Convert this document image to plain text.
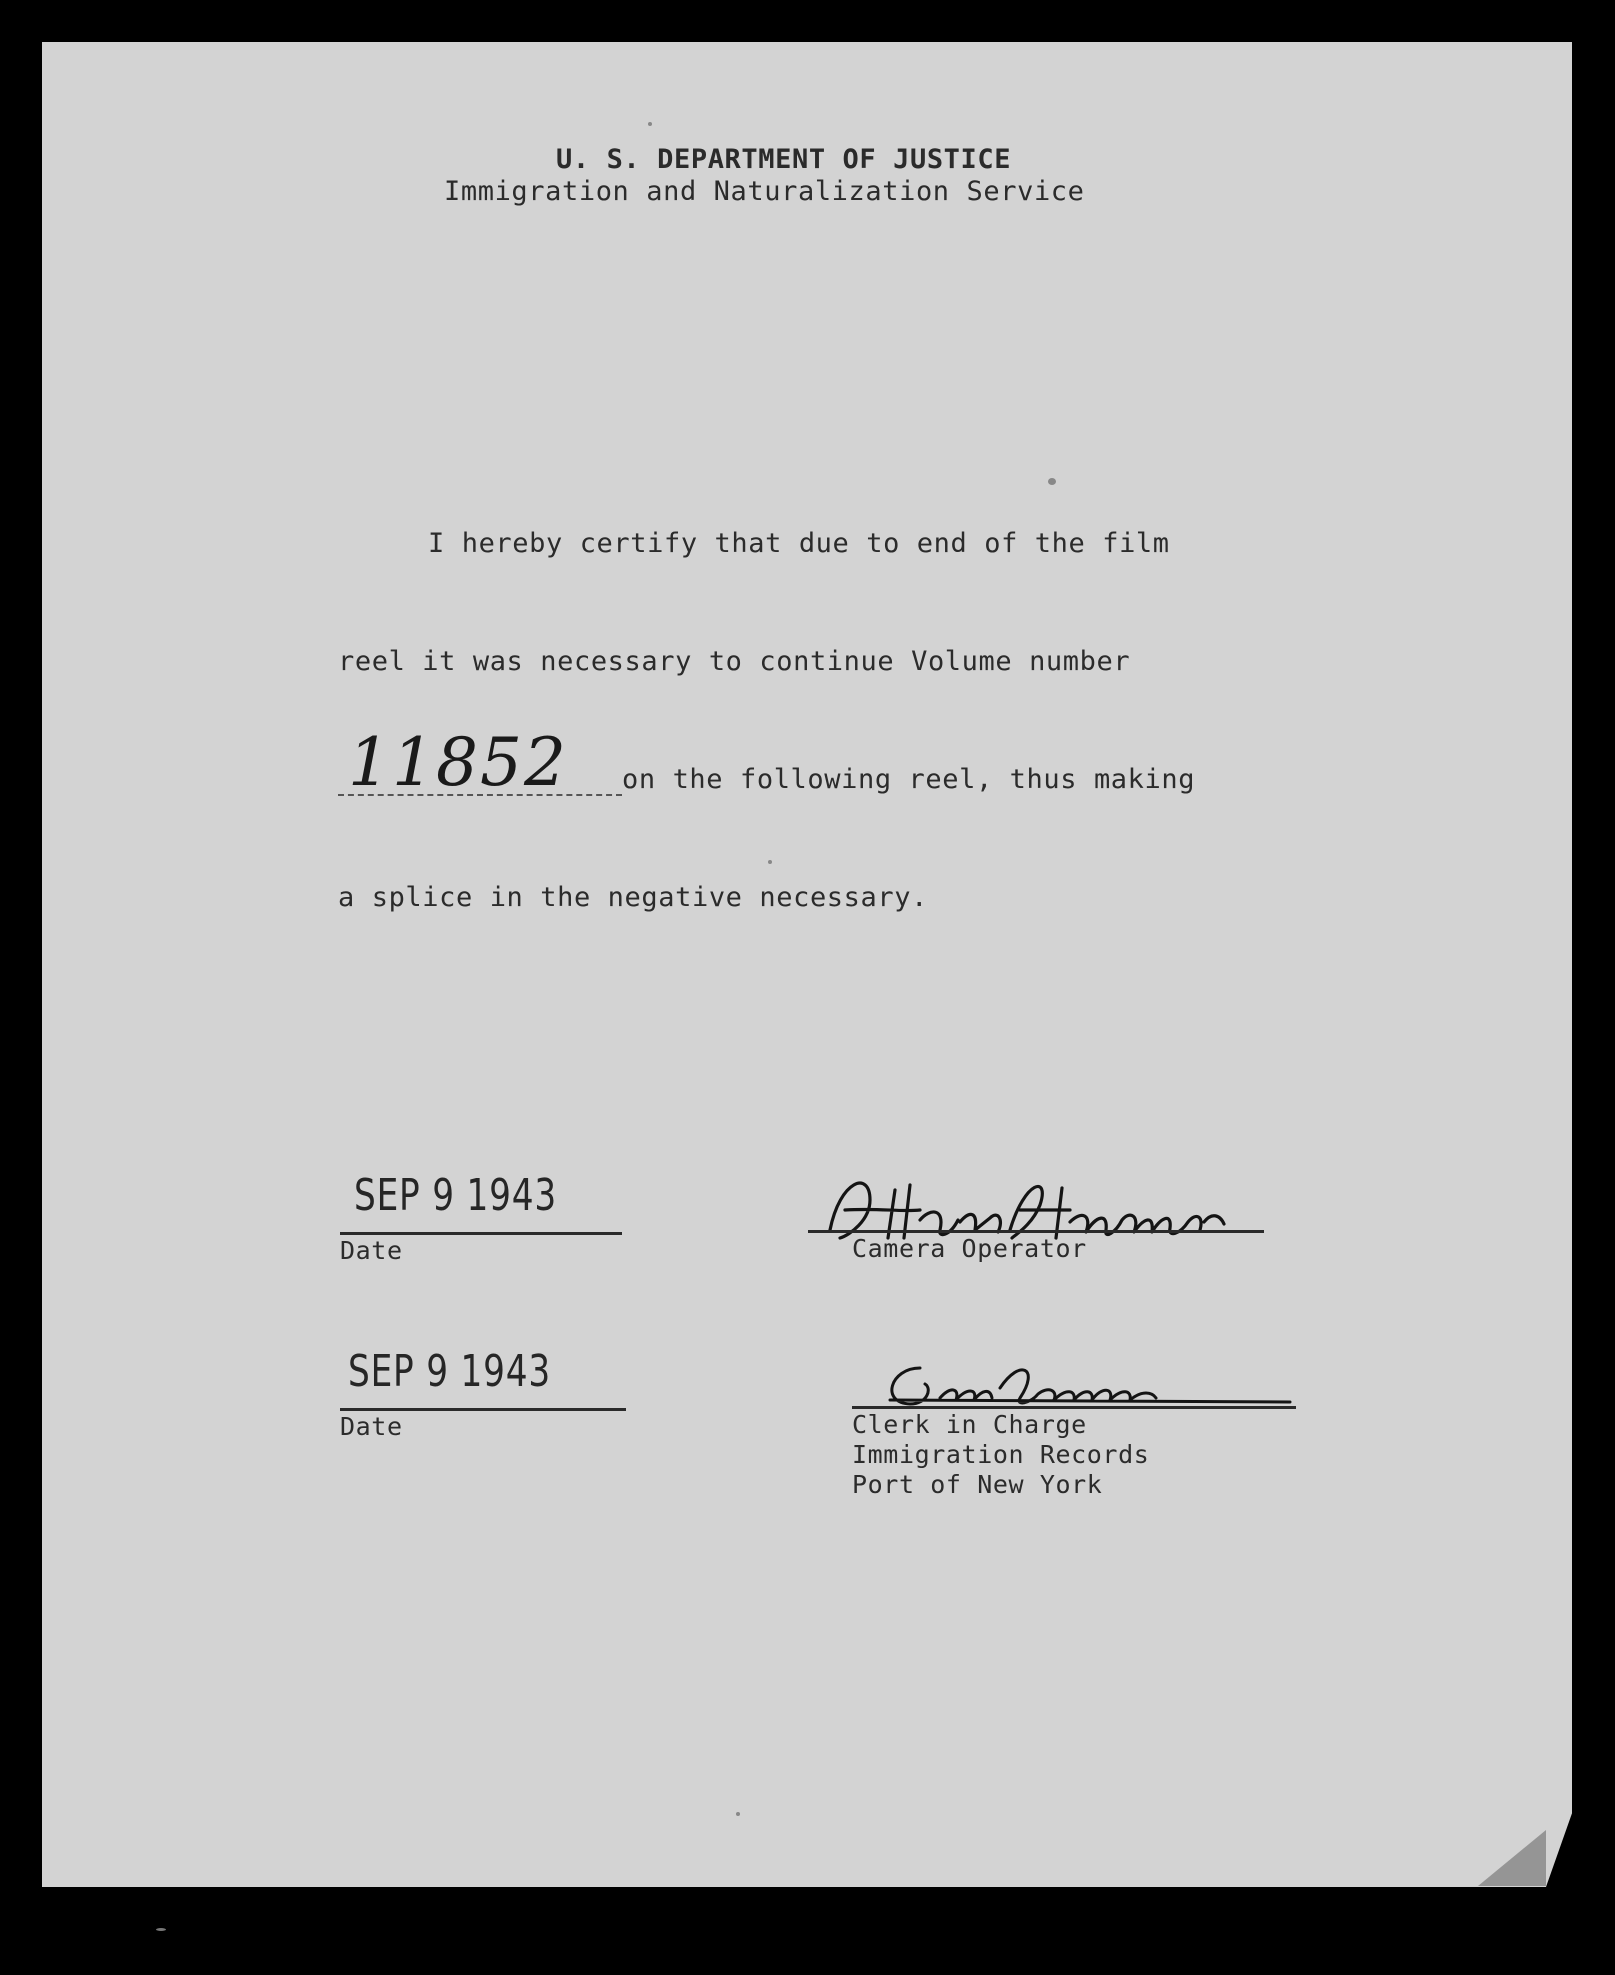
U. S. DEPARTMENT OF JUSTICE
Immigration and Naturalization Service
I hereby certify that due to end of the film
reel it was necessary to continue Volume number
11852 on the following reel, thus making
a splice in the negative necessary.
SEP 9 1943
Date	Camera Operator
SEP 9 1943
Date	Clerk in Charge
Immigration Records
Port of New York
